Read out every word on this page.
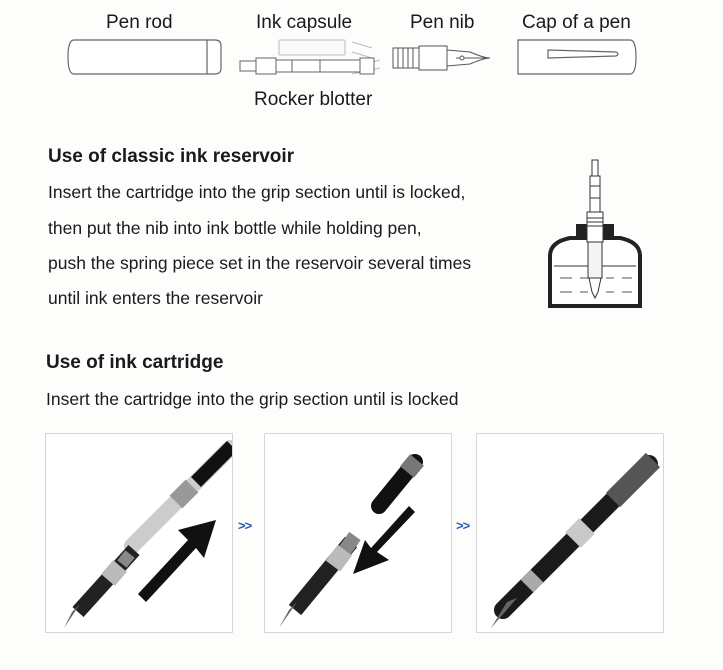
Pen rod	Ink capsule	Pen nib	Cap of a pen
Rocker blotter
Use of classic ink reservoir
Insert the cartridge into the grip section until is locked,
then put the nib into ink bottle while holding pen,
push the spring piece set in the reservoir several times
until ink enters the reservoir
Use of ink cartridge
Insert the cartridge into the grip section until is locked
>>	>>
